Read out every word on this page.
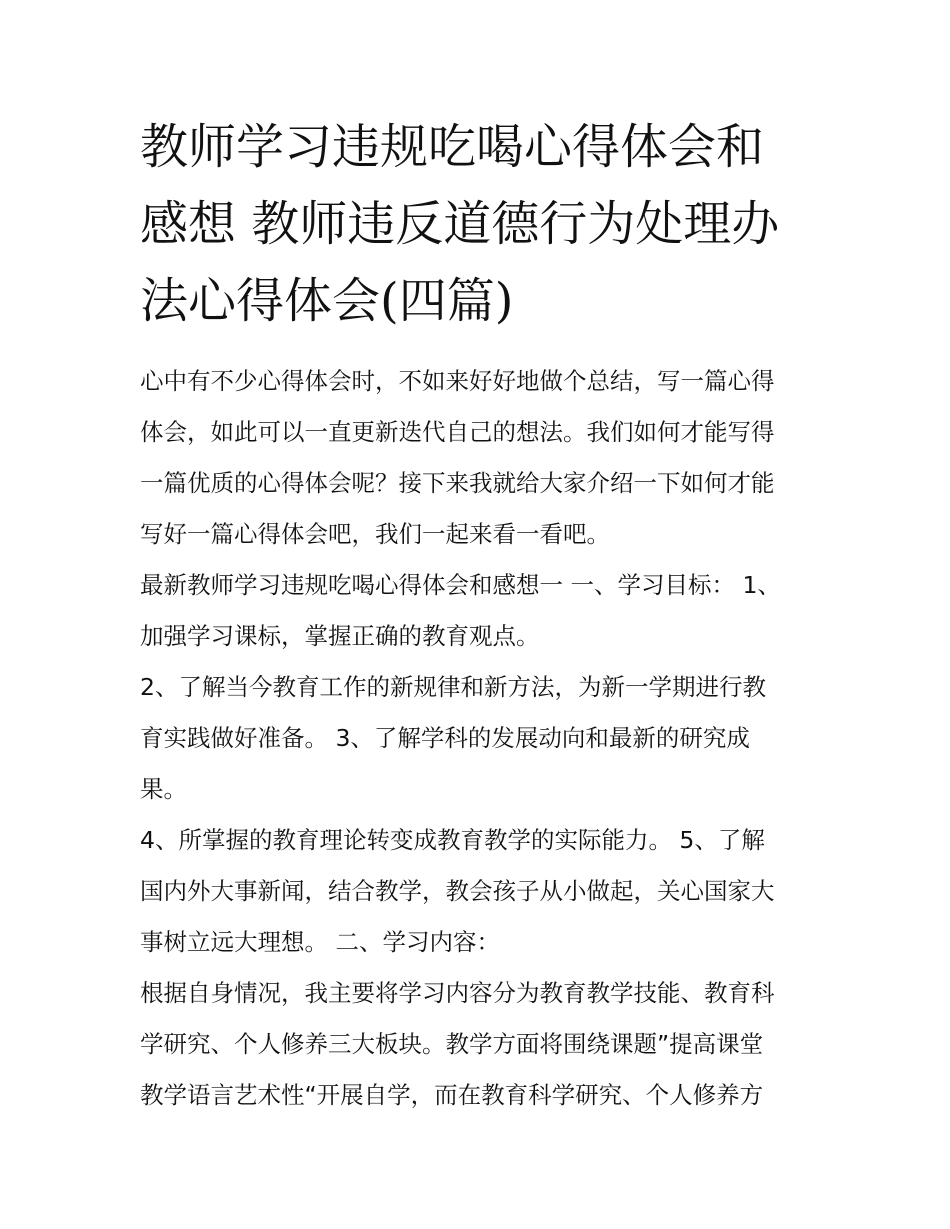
教师学习违规吃喝心得体会和
感想 教师违反道德行为处理办
法心得体会(四篇)
心中有不少心得体会时，不如来好好地做个总结，写一篇心得
体会，如此可以一直更新迭代自己的想法。我们如何才能写得
一篇优质的心得体会呢？接下来我就给大家介绍一下如何才能
写好一篇心得体会吧，我们一起来看一看吧。
最新教师学习违规吃喝心得体会和感想一 一、学习目标： 1、
加强学习课标，掌握正确的教育观点。
2、了解当今教育工作的新规律和新方法，为新一学期进行教
育实践做好准备。 3、了解学科的发展动向和最新的研究成
果。
4、所掌握的教育理论转变成教育教学的实际能力。 5、了解
国内外大事新闻，结合教学，教会孩子从小做起，关心国家大
事树立远大理想。 二、学习内容：
根据自身情况，我主要将学习内容分为教育教学技能、教育科
学研究、个人修养三大板块。教学方面将围绕课题”提高课堂
教学语言艺术性“开展自学，而在教育科学研究、个人修养方
